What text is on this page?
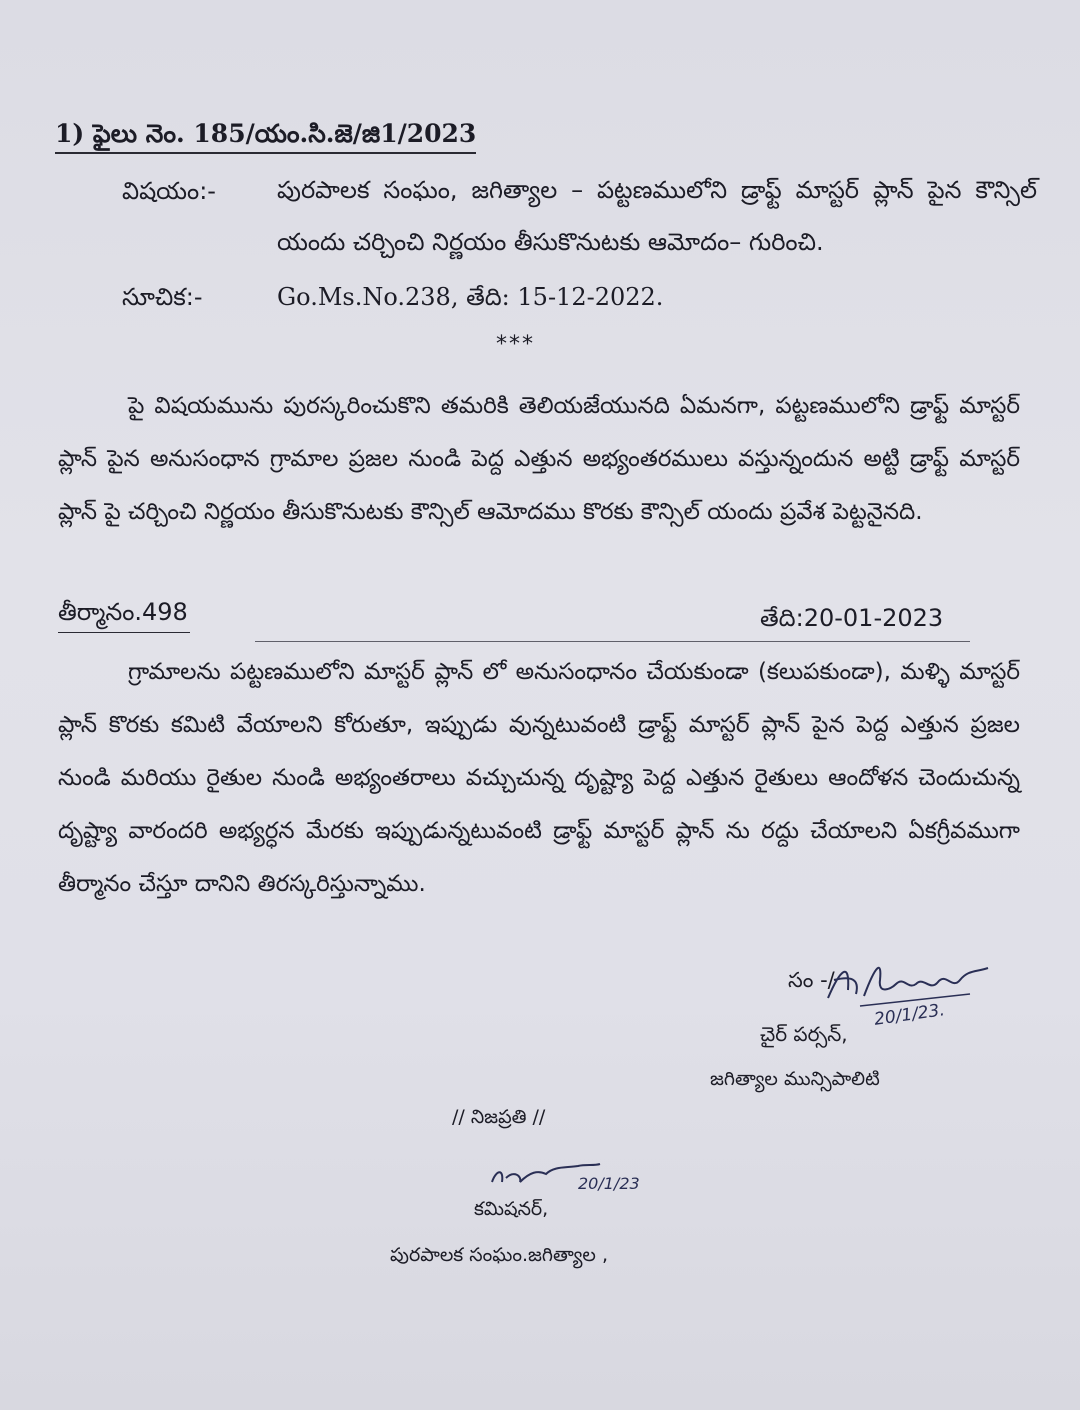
1) ఫైలు నెం. 185/యం.సి.జె/జి1/2023
విషయం:-	పురపాలక సంఘం, జగిత్యాల – పట్టణములోని డ్రాఫ్ట్ మాస్టర్ ప్లాన్ పైన కౌన్సిల్ యందు చర్చించి నిర్ణయం తీసుకొనుటకు ఆమోదం– గురించి.
సూచిక:-	Go.Ms.No.238, తేది: 15-12-2022.
***
పై విషయమును పురస్కరించుకొని తమరికి తెలియజేయునది ఏమనగా, పట్టణములోని డ్రాఫ్ట్ మాస్టర్ ప్లాన్ పైన అనుసంధాన గ్రామాల ప్రజల నుండి పెద్ద ఎత్తున అభ్యంతరములు వస్తున్నందున అట్టి డ్రాఫ్ట్ మాస్టర్ ప్లాన్ పై చర్చించి నిర్ణయం తీసుకొనుటకు కౌన్సిల్ ఆమోదము కొరకు కౌన్సిల్ యందు ప్రవేశ పెట్టనైనది.
తీర్మానం.498	తేది:20-01-2023
గ్రామాలను పట్టణములోని మాస్టర్ ప్లాన్ లో అనుసంధానం చేయకుండా (కలుపకుండా), మళ్ళి మాస్టర్ ప్లాన్ కొరకు కమిటి వేయాలని కోరుతూ, ఇప్పుడు వున్నటువంటి డ్రాఫ్ట్ మాస్టర్ ప్లాన్ పైన పెద్ద ఎత్తున ప్రజల నుండి మరియు రైతుల నుండి అభ్యంతరాలు వచ్చుచున్న దృష్ట్యా పెద్ద ఎత్తున రైతులు ఆందోళన చెందుచున్న దృష్ట్యా వారందరి అభ్యర్ధన మేరకు ఇప్పుడున్నటువంటి డ్రాఫ్ట్ మాస్టర్ ప్లాన్ ను రద్దు చేయాలని ఏకగ్రీవముగా తీర్మానం చేస్తూ దానిని తిరస్కరిస్తున్నాము.
సం -/
20/1/23.
చైర్ పర్సన్,
జగిత్యాల మున్సిపాలిటి
// నిజప్రతి //
20/1/23
కమిషనర్,
పురపాలక సంఘం.జగిత్యాల ,
